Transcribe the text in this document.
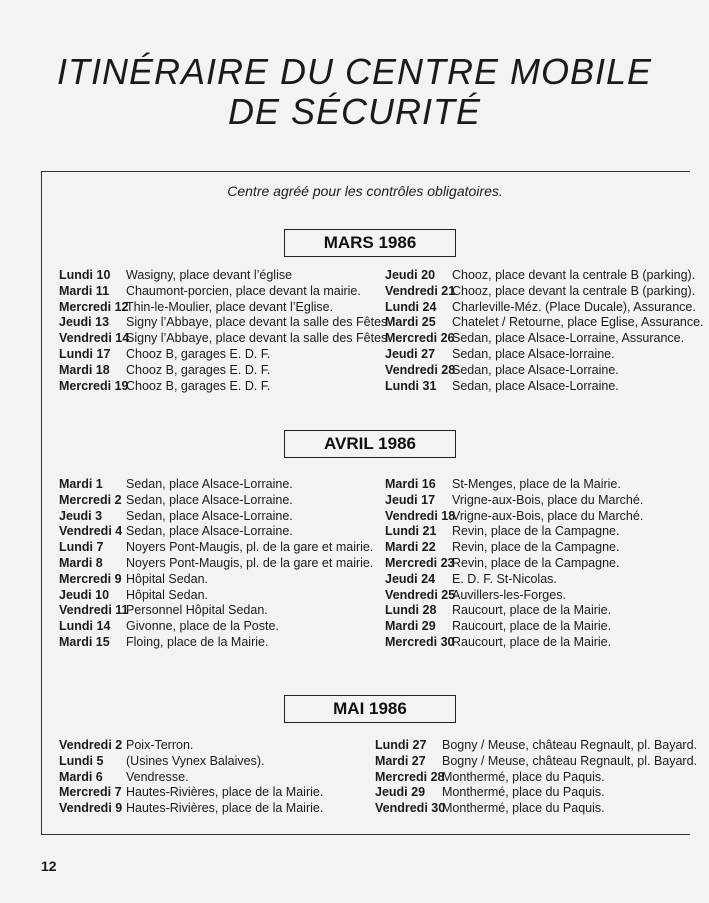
ITINÉRAIRE DU CENTRE MOBILE
DE SÉCURITÉ
Centre agréé pour les contrôles obligatoires.
MARS 1986
Lundi 10 Wasigny, place devant l’église
Mardi 11 Chaumont-porcien, place devant la mairie.
Mercredi 12Thin-le-Moulier, place devant l’Eglise.
Jeudi 13 Signy l’Abbaye, place devant la salle des Fêtes
Vendredi 14Signy l’Abbaye, place devant la salle des Fêtes
Lundi 17 Chooz B, garages E. D. F.
Mardi 18 Chooz B, garages E. D. F.
Mercredi 19Chooz B, garages E. D. F.
Jeudi 20 Chooz, place devant la centrale B (parking).
Vendredi 21Chooz, place devant la centrale B (parking).
Lundi 24 Charleville-Méz. (Place Ducale), Assurance.
Mardi 25 Chatelet / Retourne, place Eglise, Assurance.
Mercredi 26Sedan, place Alsace-Lorraine, Assurance.
Jeudi 27 Sedan, place Alsace-lorraine.
Vendredi 28Sedan, place Alsace-Lorraine.
Lundi 31 Sedan, place Alsace-Lorraine.
AVRIL 1986
Mardi 1 Sedan, place Alsace-Lorraine.
Mercredi 2 Sedan, place Alsace-Lorraine.
Jeudi 3 Sedan, place Alsace-Lorraine.
Vendredi 4 Sedan, place Alsace-Lorraine.
Lundi 7 Noyers Pont-Maugis, pl. de la gare et mairie.
Mardi 8 Noyers Pont-Maugis, pl. de la gare et mairie.
Mercredi 9 Hôpital Sedan.
Jeudi 10 Hôpital Sedan.
Vendredi 11Personnel Hôpital Sedan.
Lundi 14 Givonne, place de la Poste.
Mardi 15 Floing, place de la Mairie.
Mardi 16 St-Menges, place de la Mairie.
Jeudi 17 Vrigne-aux-Bois, place du Marché.
Vendredi 18Vrigne-aux-Bois, place du Marché.
Lundi 21 Revin, place de la Campagne.
Mardi 22 Revin, place de la Campagne.
Mercredi 23Revin, place de la Campagne.
Jeudi 24 E. D. F. St-Nicolas.
Vendredi 25Auvillers-les-Forges.
Lundi 28 Raucourt, place de la Mairie.
Mardi 29 Raucourt, place de la Mairie.
Mercredi 30Raucourt, place de la Mairie.
MAI 1986
Vendredi 2 Poix-Terron.
Lundi 5 (Usines Vynex Balaives).
Mardi 6 Vendresse.
Mercredi 7 Hautes-Rivières, place de la Mairie.
Vendredi 9 Hautes-Rivières, place de la Mairie.
Lundi 27 Bogny / Meuse, château Regnault, pl. Bayard.
Mardi 27 Bogny / Meuse, château Regnault, pl. Bayard.
Mercredi 28Monthermé, place du Paquis.
Jeudi 29 Monthermé, place du Paquis.
Vendredi 30Monthermé, place du Paquis.
12
